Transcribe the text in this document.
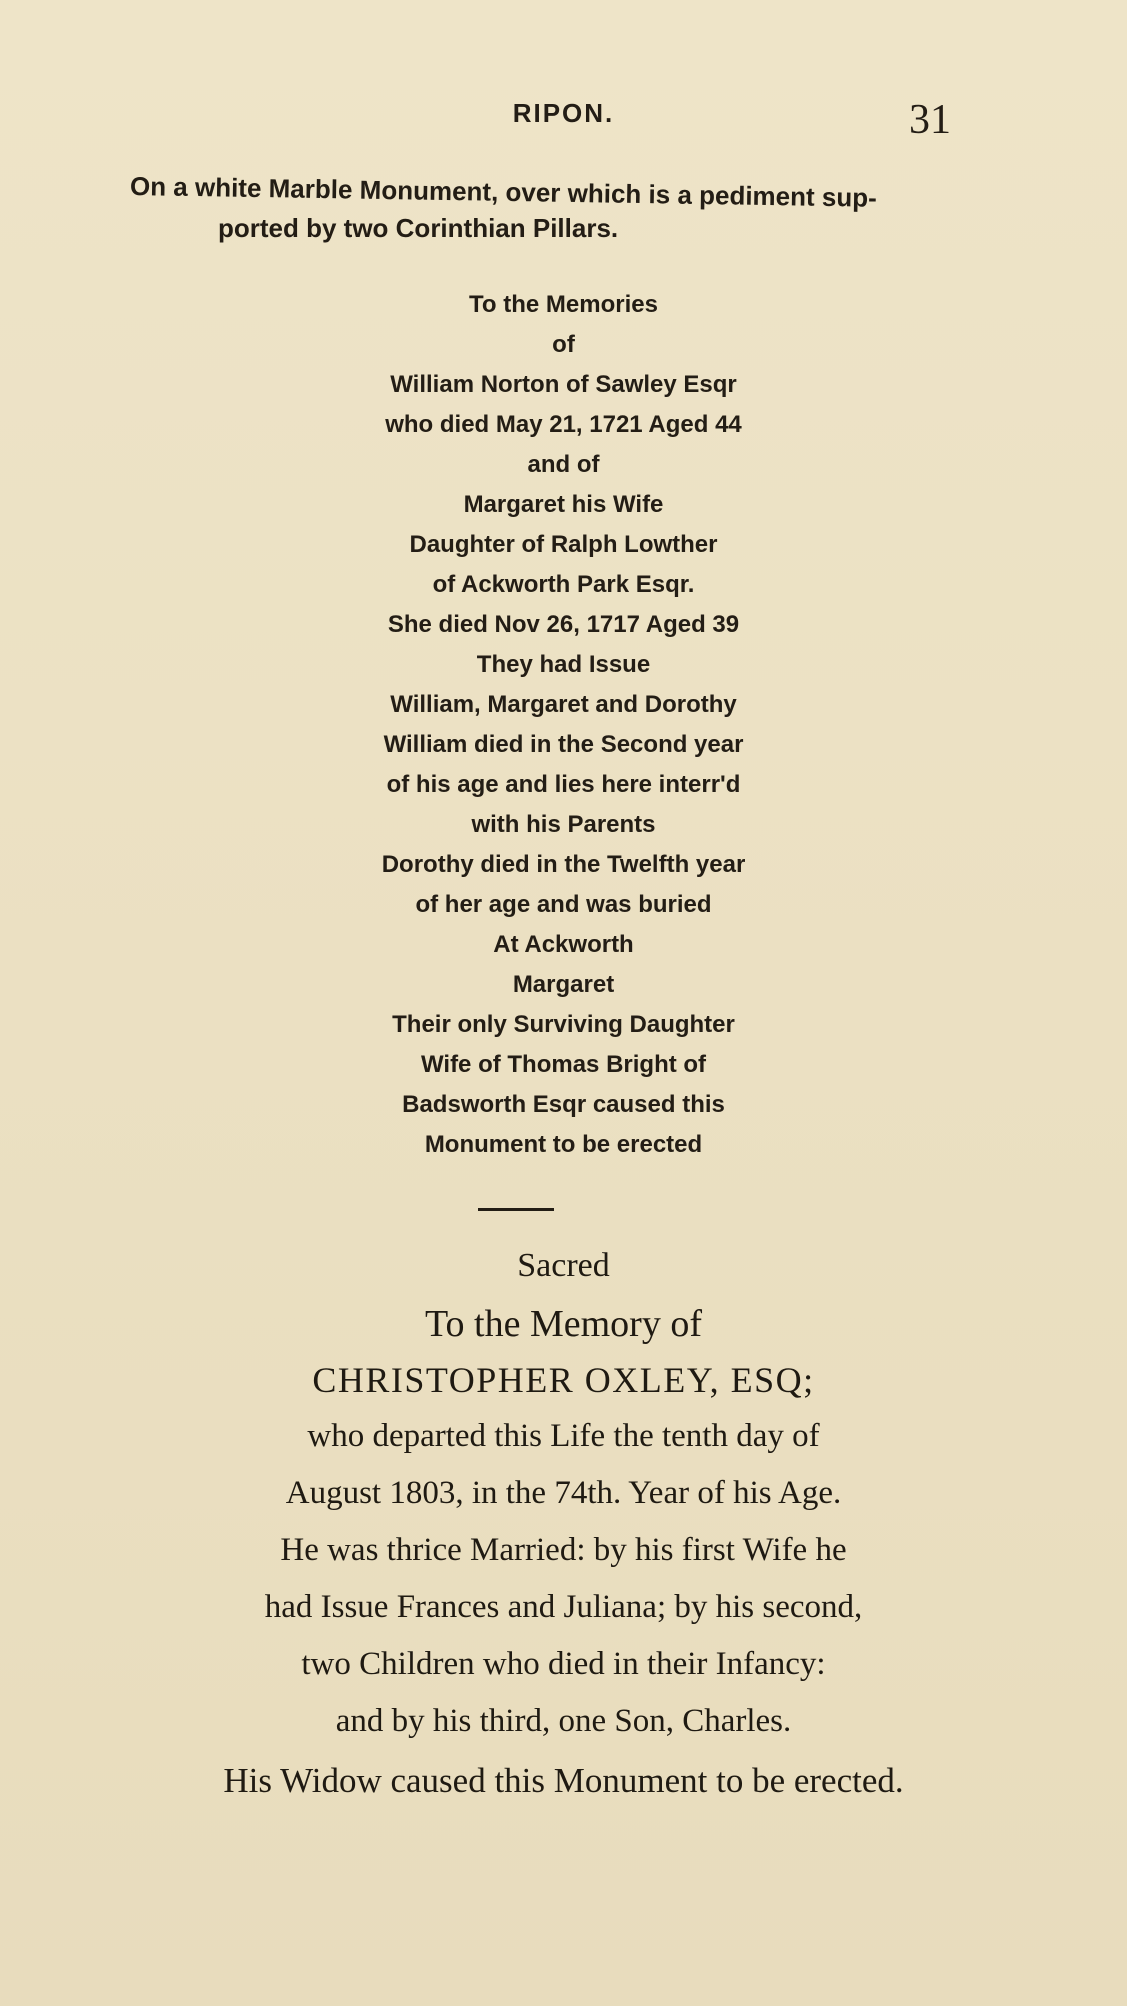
RIPON.	31
On a white Marble Monument, over which is a pediment sup-
ported by two Corinthian Pillars.
To the Memories
of
William Norton of Sawley Esqr
who died May 21, 1721 Aged 44
and of
Margaret his Wife
Daughter of Ralph Lowther
of Ackworth Park Esqr.
She died Nov 26, 1717 Aged 39
They had Issue
William, Margaret and Dorothy
William died in the Second year
of his age and lies here interr'd
with his Parents
Dorothy died in the Twelfth year
of her age and was buried
At Ackworth
Margaret
Their only Surviving Daughter
Wife of Thomas Bright of
Badsworth Esqr caused this
Monument to be erected
Sacred
To the Memory of
CHRISTOPHER OXLEY, ESQ;
who departed this Life the tenth day of
August 1803, in the 74th. Year of his Age.
He was thrice Married: by his first Wife he
had Issue Frances and Juliana; by his second,
two Children who died in their Infancy:
and by his third, one Son, Charles.
His Widow caused this Monument to be erected.
